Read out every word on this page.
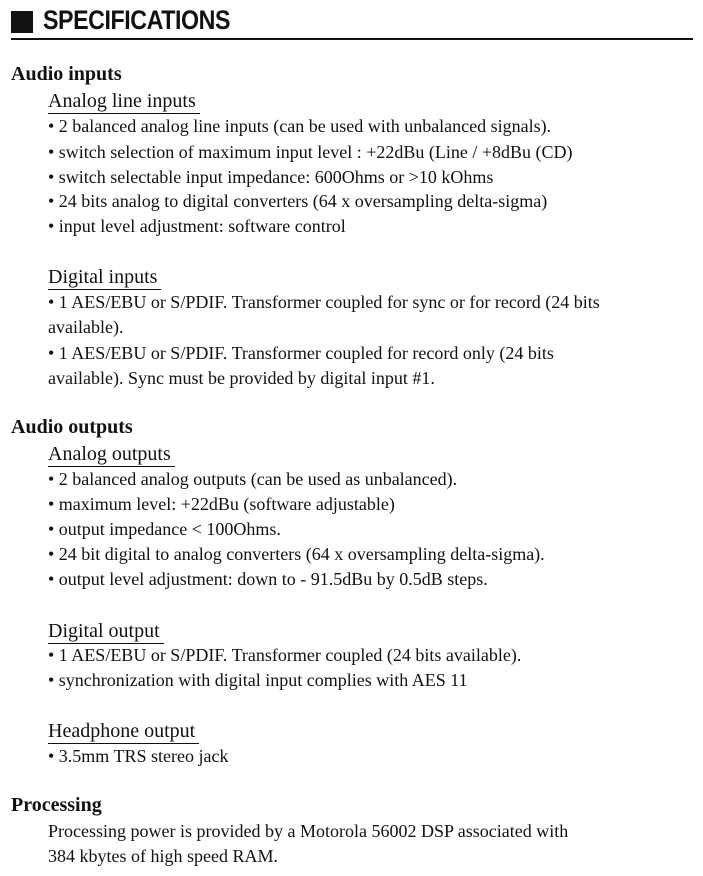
SPECIFICATIONS
Audio inputs
Analog line inputs
• 2 balanced analog line inputs (can be used with unbalanced signals).
• switch selection of maximum input level : +22dBu (Line / +8dBu (CD)
• switch selectable input impedance: 600Ohms or >10 kOhms
• 24 bits analog to digital converters (64 x oversampling delta-sigma)
• input level adjustment: software control
Digital inputs
• 1 AES/EBU or S/PDIF. Transformer coupled for sync or for record (24 bits
available).
• 1 AES/EBU or S/PDIF. Transformer coupled for record only (24 bits
available). Sync must be provided by digital input #1.
Audio outputs
Analog outputs
• 2 balanced analog outputs (can be used as unbalanced).
• maximum level: +22dBu (software adjustable)
• output impedance < 100Ohms.
• 24 bit digital to analog converters (64 x oversampling delta-sigma).
• output level adjustment: down to - 91.5dBu by 0.5dB steps.
Digital output
• 1 AES/EBU or S/PDIF. Transformer coupled (24 bits available).
• synchronization with digital input complies with AES 11
Headphone output
• 3.5mm TRS stereo jack
Processing
Processing power is provided by a Motorola 56002 DSP associated with
384 kbytes of high speed RAM.
